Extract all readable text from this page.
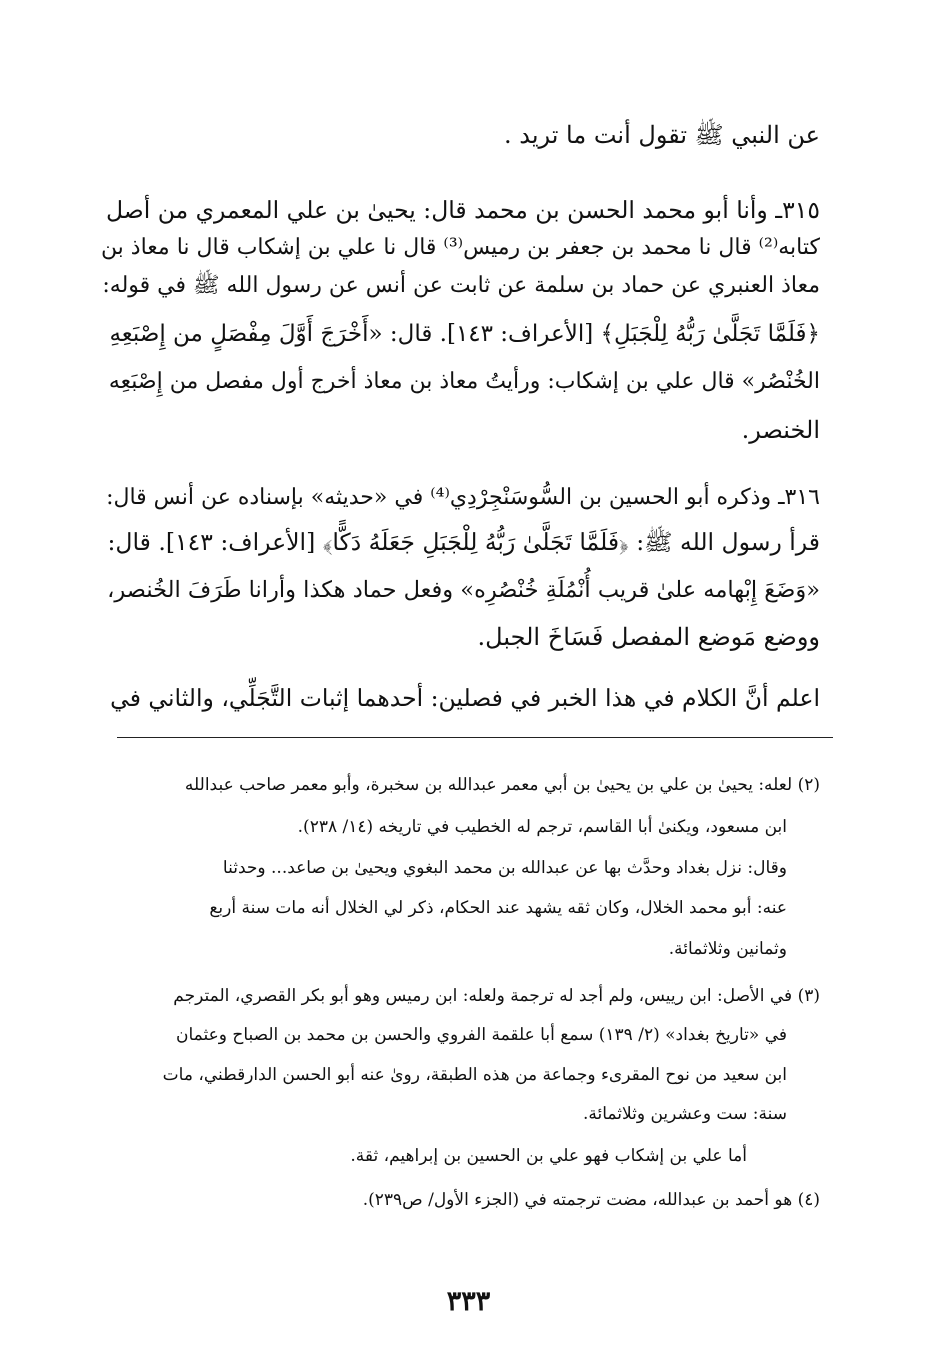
عن النبي ﷺ تقول أنت ما تريد .
٣١٥ـ وأنا أبو محمد الحسن بن محمد قال: يحيىٰ بن علي المعمري من أصل
كتابه⁽²⁾ قال نا محمد بن جعفر بن رميس⁽³⁾ قال نا علي بن إشكاب قال نا معاذ بن
معاذ العنبري عن حماد بن سلمة عن ثابت عن أنس عن رسول الله ﷺ في قوله:
﴿فَلَمَّا تَجَلَّىٰ رَبُّهُ لِلْجَبَلِ﴾ [الأعراف: ١٤٣]. قال: «أَخْرَجَ أَوَّلَ مِفْصَلٍ من إِصْبَعِهِ
الخُنْصُر» قال علي بن إشكاب: ورأيتُ معاذ بن معاذ أخرج أول مفصل من إِصْبَعِه
الخنصر.
٣١٦ـ وذكره أبو الحسين بن السُّوسَنْجِرْدِي⁽⁴⁾ في «حديثه» بإسناده عن أنس قال:
قرأ رسول الله ﷺ: ﴿فَلَمَّا تَجَلَّىٰ رَبُّهُ لِلْجَبَلِ جَعَلَهُ دَكًّا﴾ [الأعراف: ١٤٣]. قال:
«وَضَعَ إِبْهامه علىٰ قريب أُنْمُلَةِ خُنْصُرِه» وفعل حماد هكذا وأرانا طَرَفَ الخُنصر،
ووضع مَوضع المفصل فَسَاخَ الجبل.
اعلم أنَّ الكلام في هذا الخبر في فصلين: أحدهما إثبات التَّجَلِّي، والثاني في
(٢) لعله: يحيىٰ بن علي بن يحيىٰ بن أبي معمر عبدالله بن سخبرة، وأبو معمر صاحب عبدالله
ابن مسعود، ويكنىٰ أبا القاسم، ترجم له الخطيب في تاريخه (١٤/ ٢٣٨).
وقال: نزل بغداد وحدَّث بها عن عبدالله بن محمد البغوي ويحيىٰ بن صاعد... وحدثنا
عنه: أبو محمد الخلال، وكان ثقه يشهد عند الحكام، ذكر لي الخلال أنه مات سنة أربع
وثمانين وثلاثمائة.
(٣) في الأصل: ابن رييس، ولم أجد له ترجمة ولعله: ابن رميس وهو أبو بكر القصري، المترجم
في «تاريخ بغداد» (٢/ ١٣٩) سمع أبا علقمة الفروي والحسن بن محمد بن الصباح وعثمان
ابن سعيد من نوح المقرىء وجماعة من هذه الطبقة، روىٰ عنه أبو الحسن الدارقطني، مات
سنة: ست وعشرين وثلاثمائة.
أما علي بن إشكاب فهو علي بن الحسين بن إبراهيم، ثقة.
(٤) هو أحمد بن عبدالله، مضت ترجمته في (الجزء الأول/ ص٢٣٩).
٣٣٣
